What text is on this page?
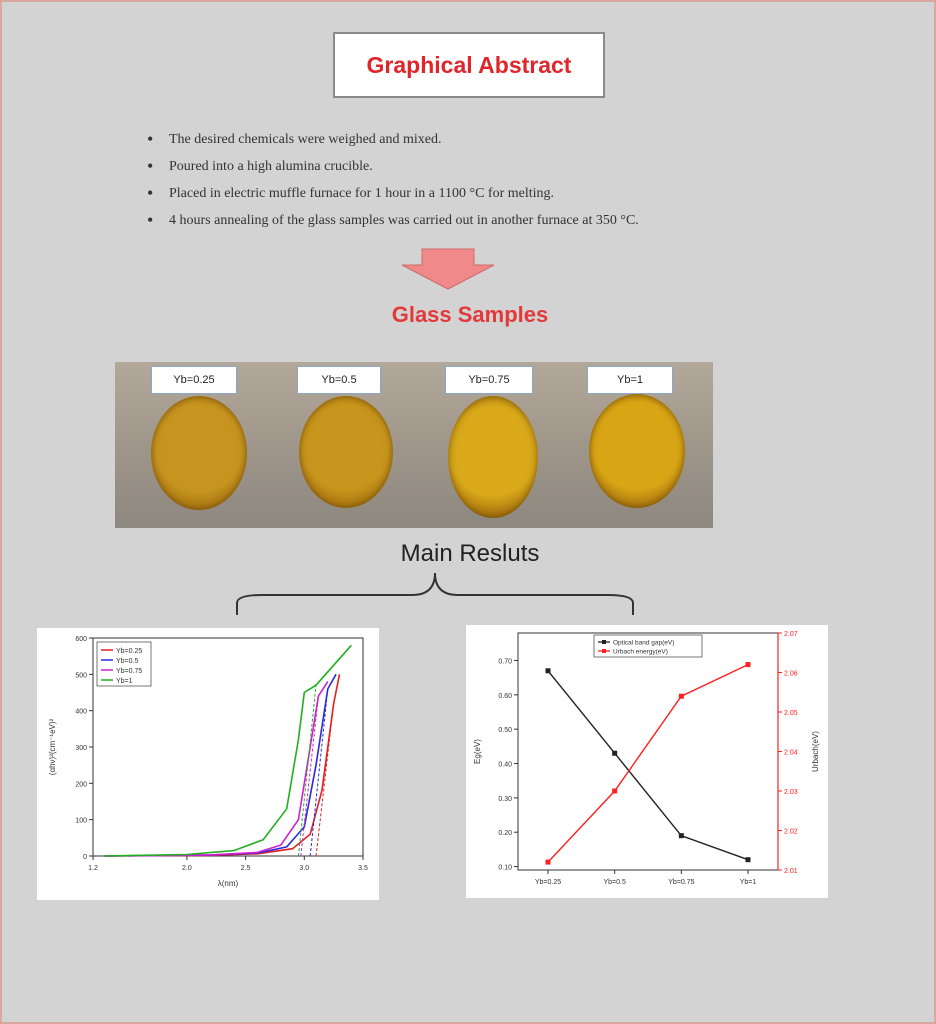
Graphical Abstract
• The desired chemicals were weighed and mixed.
• Poured into a high alumina crucible.
• Placed in electric muffle furnace for 1 hour in a 1100 °C for melting.
• 4 hours annealing of the glass samples was carried out in another furnace at 350 °C.
Glass Samples
Yb=0.25	Yb=0.5	Yb=0.75	Yb=1
Main Resluts
0
100
200
300
400
500
600
1.2	2.0	2.5	3.0	3.5
λ(nm)
(αhν)²(cm⁻¹eV)²
Yb=0.25
Yb=0.5
Yb=0.75
Yb=1
0.10
0.20
0.30
0.40
0.50
0.60
0.70
2.01
2.02
2.03
2.04
2.05
2.06
2.07
Yb=0.25	Yb=0.5	Yb=0.75	Yb=1
Eg(eV)	Urbach(eV)
Optical band gap(eV)
Urbach energy(eV)
